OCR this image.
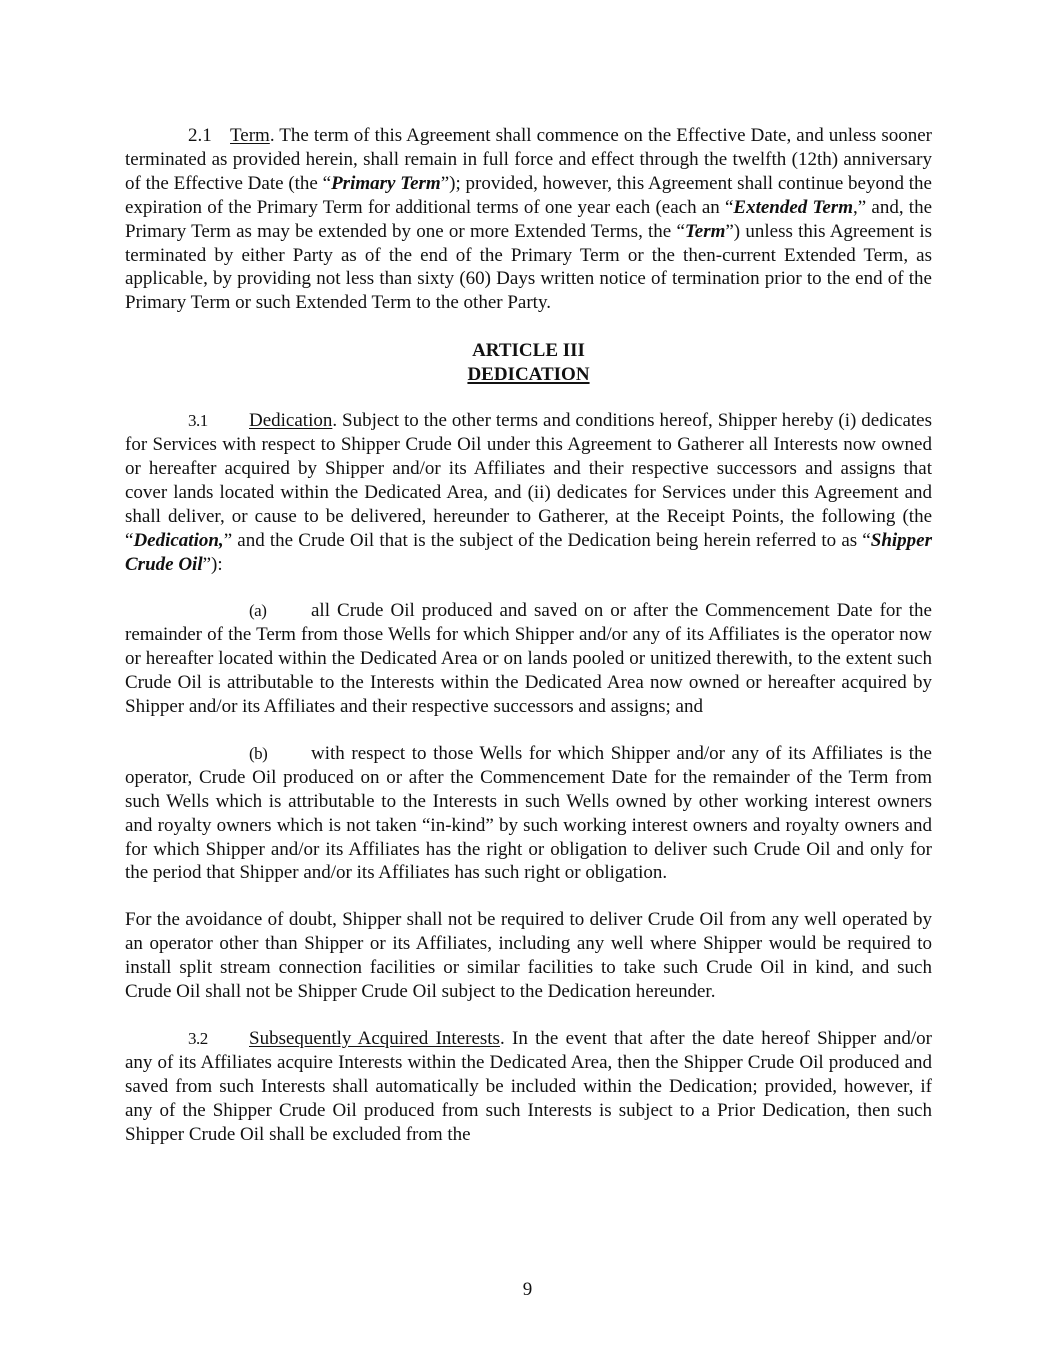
2.1 Term. The term of this Agreement shall commence on the Effective Date, and unless sooner terminated as provided herein, shall remain in full force and effect through the twelfth (12th) anniversary of the Effective Date (the “Primary Term”); provided, however, this Agreement shall continue beyond the expiration of the Primary Term for additional terms of one year each (each an “Extended Term,” and, the Primary Term as may be extended by one or more Extended Terms, the “Term”) unless this Agreement is terminated by either Party as of the end of the Primary Term or the then-current Extended Term, as applicable, by providing not less than sixty (60) Days written notice of termination prior to the end of the Primary Term or such Extended Term to the other Party.

ARTICLE III
DEDICATION

3.1 Dedication. Subject to the other terms and conditions hereof, Shipper hereby (i) dedicates for Services with respect to Shipper Crude Oil under this Agreement to Gatherer all Interests now owned or hereafter acquired by Shipper and/or its Affiliates and their respective successors and assigns that cover lands located within the Dedicated Area, and (ii) dedicates for Services under this Agreement and shall deliver, or cause to be delivered, hereunder to Gatherer, at the Receipt Points, the following (the “Dedication,” and the Crude Oil that is the subject of the Dedication being herein referred to as “Shipper Crude Oil”):

(a) all Crude Oil produced and saved on or after the Commencement Date for the remainder of the Term from those Wells for which Shipper and/or any of its Affiliates is the operator now or hereafter located within the Dedicated Area or on lands pooled or unitized therewith, to the extent such Crude Oil is attributable to the Interests within the Dedicated Area now owned or hereafter acquired by Shipper and/or its Affiliates and their respective successors and assigns; and

(b) with respect to those Wells for which Shipper and/or any of its Affiliates is the operator, Crude Oil produced on or after the Commencement Date for the remainder of the Term from such Wells which is attributable to the Interests in such Wells owned by other working interest owners and royalty owners which is not taken “in-kind” by such working interest owners and royalty owners and for which Shipper and/or its Affiliates has the right or obligation to deliver such Crude Oil and only for the period that Shipper and/or its Affiliates has such right or obligation.

For the avoidance of doubt, Shipper shall not be required to deliver Crude Oil from any well operated by an operator other than Shipper or its Affiliates, including any well where Shipper would be required to install split stream connection facilities or similar facilities to take such Crude Oil in kind, and such Crude Oil shall not be Shipper Crude Oil subject to the Dedication hereunder.

3.2 Subsequently Acquired Interests. In the event that after the date hereof Shipper and/or any of its Affiliates acquire Interests within the Dedicated Area, then the Shipper Crude Oil produced and saved from such Interests shall automatically be included within the Dedication; provided, however, if any of the Shipper Crude Oil produced from such Interests is subject to a Prior Dedication, then such Shipper Crude Oil shall be excluded from the

9
